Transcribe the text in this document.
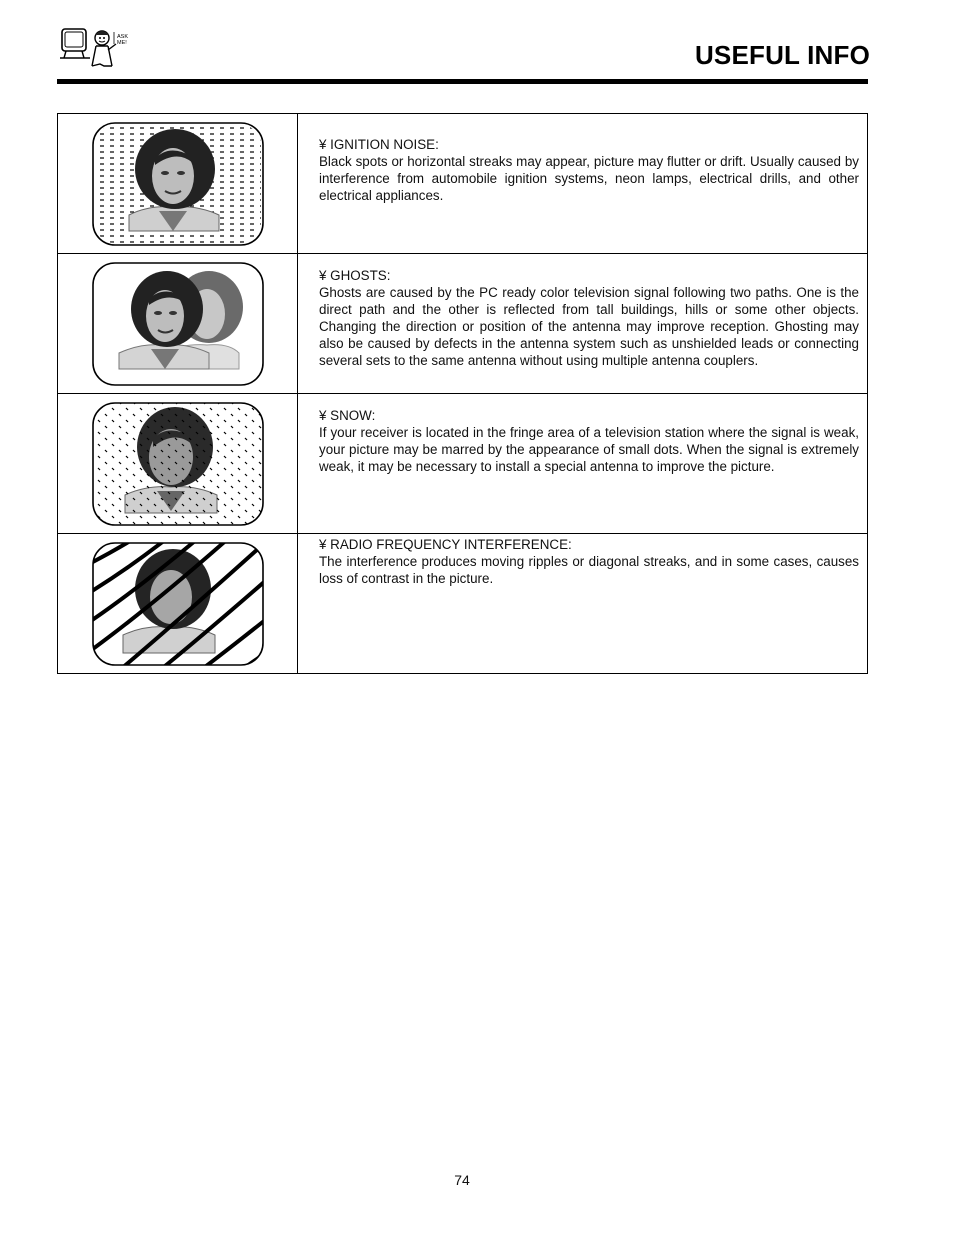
ASK
ME!	USEFUL INFO

¥ IGNITION NOISE:
Black spots or horizontal streaks may appear, picture may flutter or drift. Usually caused by interference from automobile ignition systems, neon lamps, electrical drills, and other electrical appliances.

¥ GHOSTS:
Ghosts are caused by the PC ready color television signal following two paths. One is the direct path and the other is reflected from tall buildings, hills or some other objects. Changing the direction or position of the antenna may improve reception. Ghosting may also be caused by defects in the antenna system such as unshielded leads or connecting several sets to the same antenna without using multiple antenna couplers.

¥ SNOW:
If your receiver is located in the fringe area of a television station where the signal is weak, your picture may be marred by the appearance of small dots. When the signal is extremely weak, it may be necessary to install a special antenna to improve the picture.

¥ RADIO FREQUENCY INTERFERENCE:
The interference produces moving ripples or diagonal streaks, and in some cases, causes loss of contrast in the picture.
74
